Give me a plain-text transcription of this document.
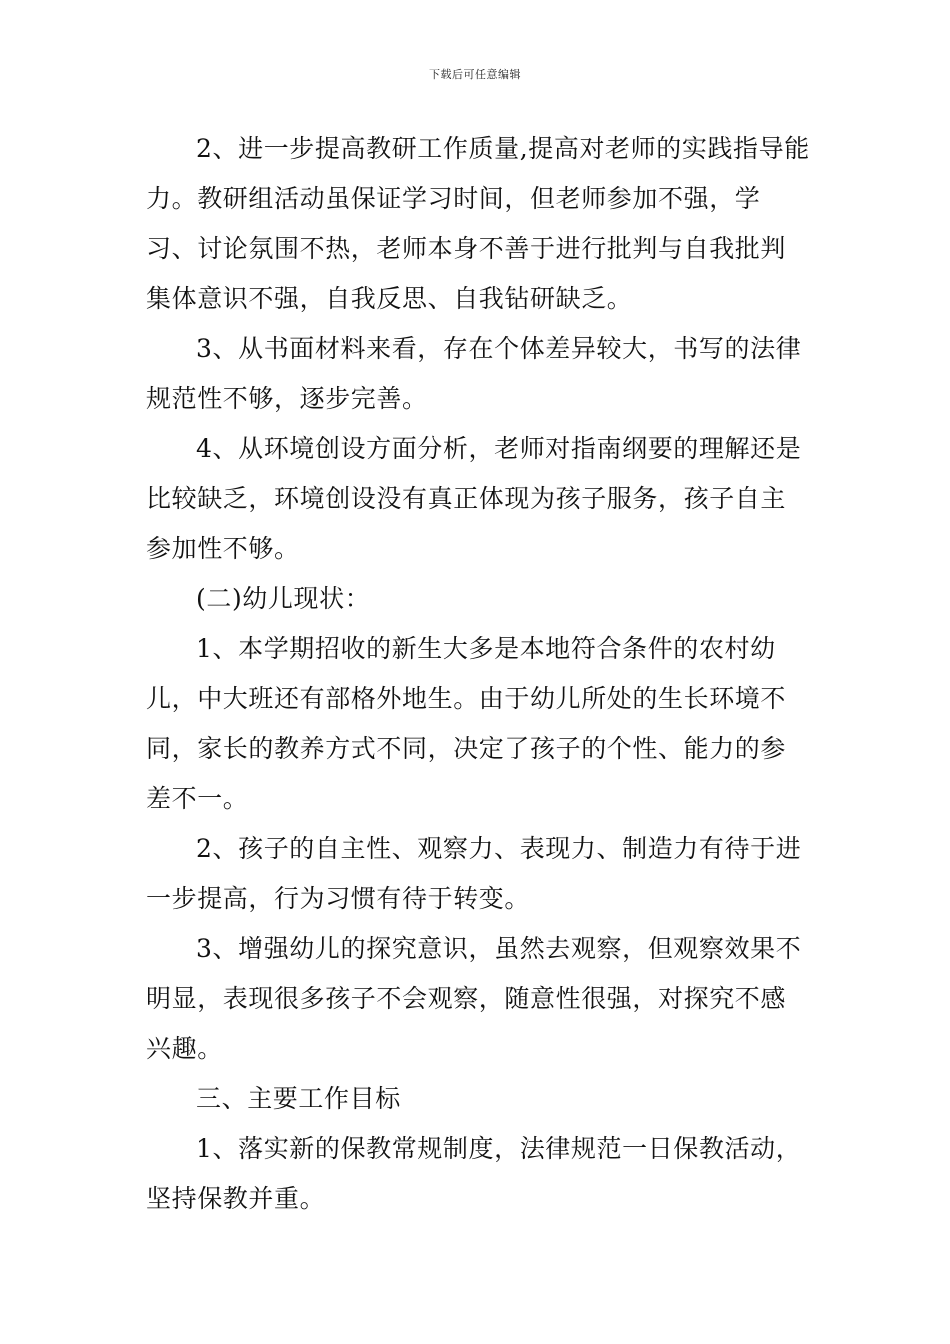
下载后可任意编辑

2、进一步提高教研工作质量,提高对老师的实践指导能力。教研组活动虽保证学习时间，但老师参加不强，学习、讨论氛围不热，老师本身不善于进行批判与自我批判集体意识不强，自我反思、自我钻研缺乏。

3、从书面材料来看，存在个体差异较大，书写的法律规范性不够，逐步完善。

4、从环境创设方面分析，老师对指南纲要的理解还是比较缺乏，环境创设没有真正体现为孩子服务，孩子自主参加性不够。

(二)幼儿现状：

1、本学期招收的新生大多是本地符合条件的农村幼儿，中大班还有部格外地生。由于幼儿所处的生长环境不同，家长的教养方式不同，决定了孩子的个性、能力的参差不一。

2、孩子的自主性、观察力、表现力、制造力有待于进一步提高，行为习惯有待于转变。

3、增强幼儿的探究意识，虽然去观察，但观察效果不明显，表现很多孩子不会观察，随意性很强，对探究不感兴趣。

三、主要工作目标

1、落实新的保教常规制度，法律规范一日保教活动，坚持保教并重。
